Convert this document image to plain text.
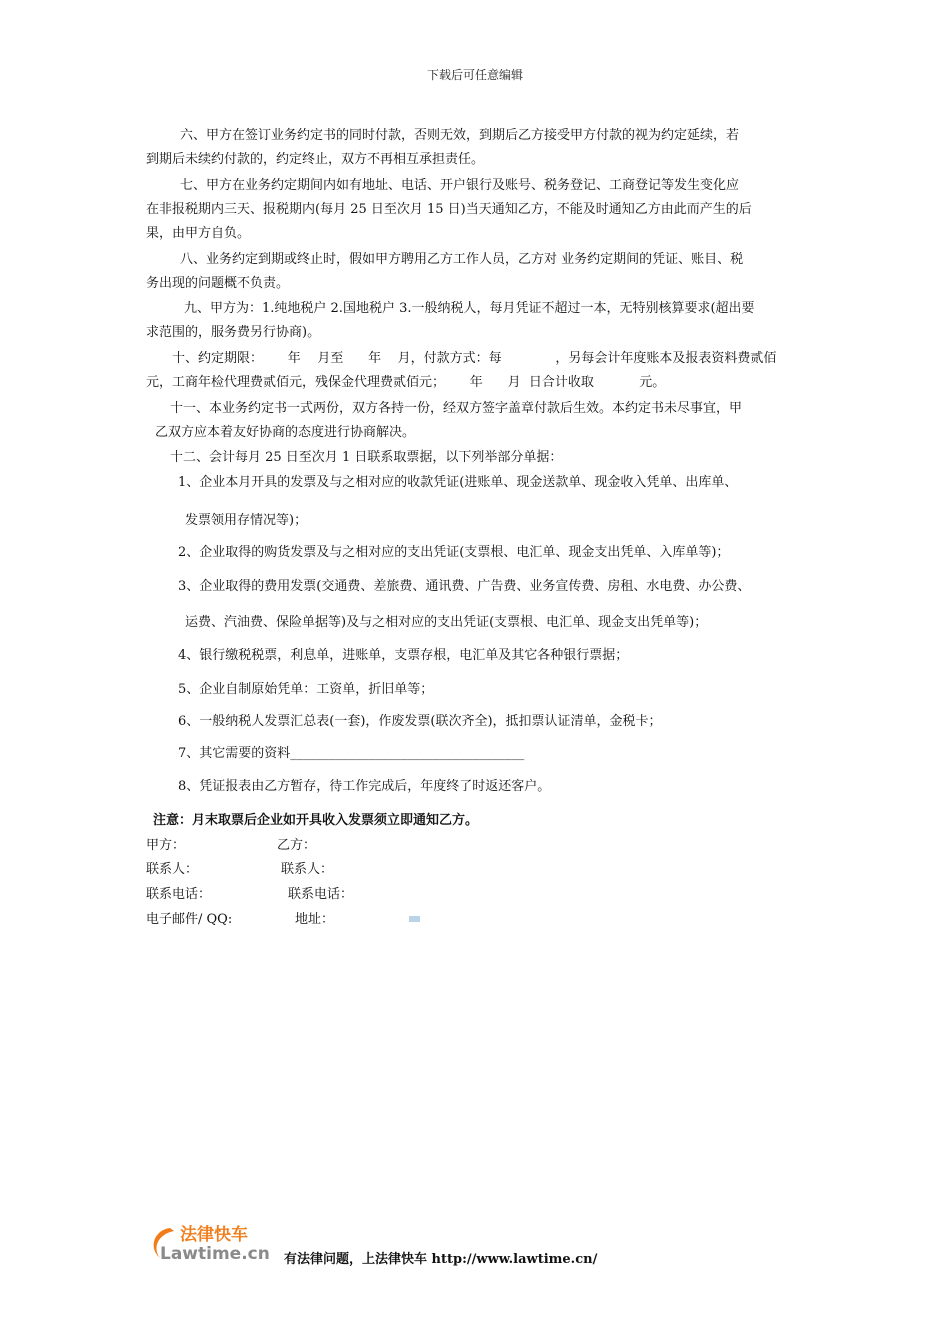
下载后可任意编辑
六、甲方在签订业务约定书的同时付款，否则无效，到期后乙方接受甲方付款的视为约定延续，若
到期后未续约付款的，约定终止，双方不再相互承担责任。
七、甲方在业务约定期间内如有地址、电话、开户银行及账号、税务登记、工商登记等发生变化应
在非报税期内三天、报税期内(每月 25 日至次月 15 日)当天通知乙方，不能及时通知乙方由此而产生的后
果，由甲方自负。
八、业务约定到期或终止时，假如甲方聘用乙方工作人员，乙方对 业务约定期间的凭证、账目、税
务出现的问题概不负责。
九、甲方为：1.纯地税户 2.国地税户 3.一般纳税人，每月凭证不超过一本，无特别核算要求(超出要
求范围的，服务费另行协商)。
十、约定期限：      年    月至      年    月，付款方式：每             ，另每会计年度账本及报表资料费贰佰
元，工商年检代理费贰佰元，残保金代理费贰佰元；      年      月  日合计收取           元。
十一、本业务约定书一式两份，双方各持一份，经双方签字盖章付款后生效。本约定书未尽事宜，甲
乙双方应本着友好协商的态度进行协商解决。
十二、会计每月 25 日至次月 1 日联系取票据，以下列举部分单据：
1、企业本月开具的发票及与之相对应的收款凭证(进账单、现金送款单、现金收入凭单、出库单、
发票领用存情况等)；
2、企业取得的购货发票及与之相对应的支出凭证(支票根、电汇单、现金支出凭单、入库单等)；
3、企业取得的费用发票(交通费、差旅费、通讯费、广告费、业务宣传费、房租、水电费、办公费、
运费、汽油费、保险单据等)及与之相对应的支出凭证(支票根、电汇单、现金支出凭单等)；
4、银行缴税税票，利息单，进账单，支票存根，电汇单及其它各种银行票据；
5、企业自制原始凭单：工资单，折旧单等；
6、一般纳税人发票汇总表(一套)，作废发票(联次齐全)，抵扣票认证清单，金税卡；
7、其它需要的资料____________________________________
8、凭证报表由乙方暂存，待工作完成后，年度终了时返还客户。
注意：月末取票后企业如开具收入发票须立即通知乙方。
甲方：	乙方：
联系人：	联系人：
联系电话：	联系电话：
电子邮件/ QQ:	地址：
法律快车
Lawtime.cn 有法律问题，上法律快车 http://www.lawtime.cn/
